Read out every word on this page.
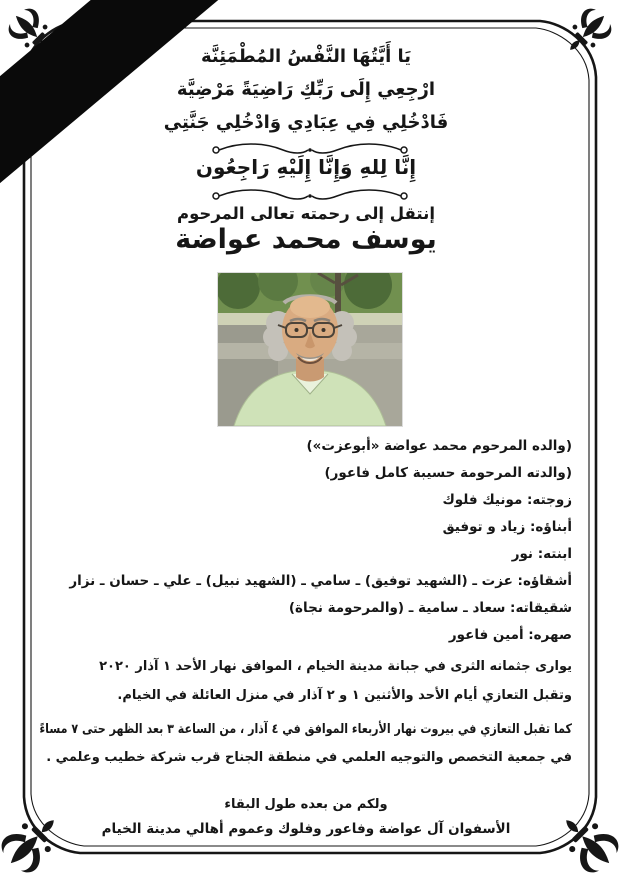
يَا أَيَّتُهَا النَّفْسُ المُطْمَئِنَّة
ارْجِعِي إِلَى رَبِّكِ رَاضِيَةً مَرْضِيَّة
فَادْخُلِي فِي عِبَادِي وَادْخُلِي جَنَّتِي
إِنَّا لِلهِ وَإِنَّا إِلَيْهِ رَاجِعُون
إنتقل إلى رحمته تعالى المرحوم
يوسف محمد عواضة
(والده المرحوم محمد عواضة «أبوعزت»)
(والدته المرحومة حسيبة كامل فاعور)
زوجته: مونيك فلوك
أبناؤه: زياد و توفيق
ابنته: نور
أشقاؤه: عزت ـ (الشهيد توفيق) ـ سامي ـ (الشهيد نبيل) ـ علي ـ حسان ـ نزار
شقيقاته: سعاد ـ سامية ـ (والمرحومة نجاة)
صهره: أمين فاعور
يوارى جثمانه الثرى في جبانة مدينة الخيام ، الموافق نهار الأحد ١ آذار ٢٠٢٠
وتقبل التعازي أيام الأحد والأثنين ١ و ٢ آذار في منزل العائلة في الخيام.
كما تقبل التعازي في بيروت نهار الأربعاء الموافق في ٤ آذار ، من الساعة ٣ بعد الظهر حتى ٧ مساءً
في جمعية التخصص والتوجيه العلمي في منطقة الجناح قرب شركة خطيب وعلمي .
ولكم من بعده طول البقاء
الأسفوان آل عواضة وفاعور وفلوك وعموم أهالي مدينة الخيام
